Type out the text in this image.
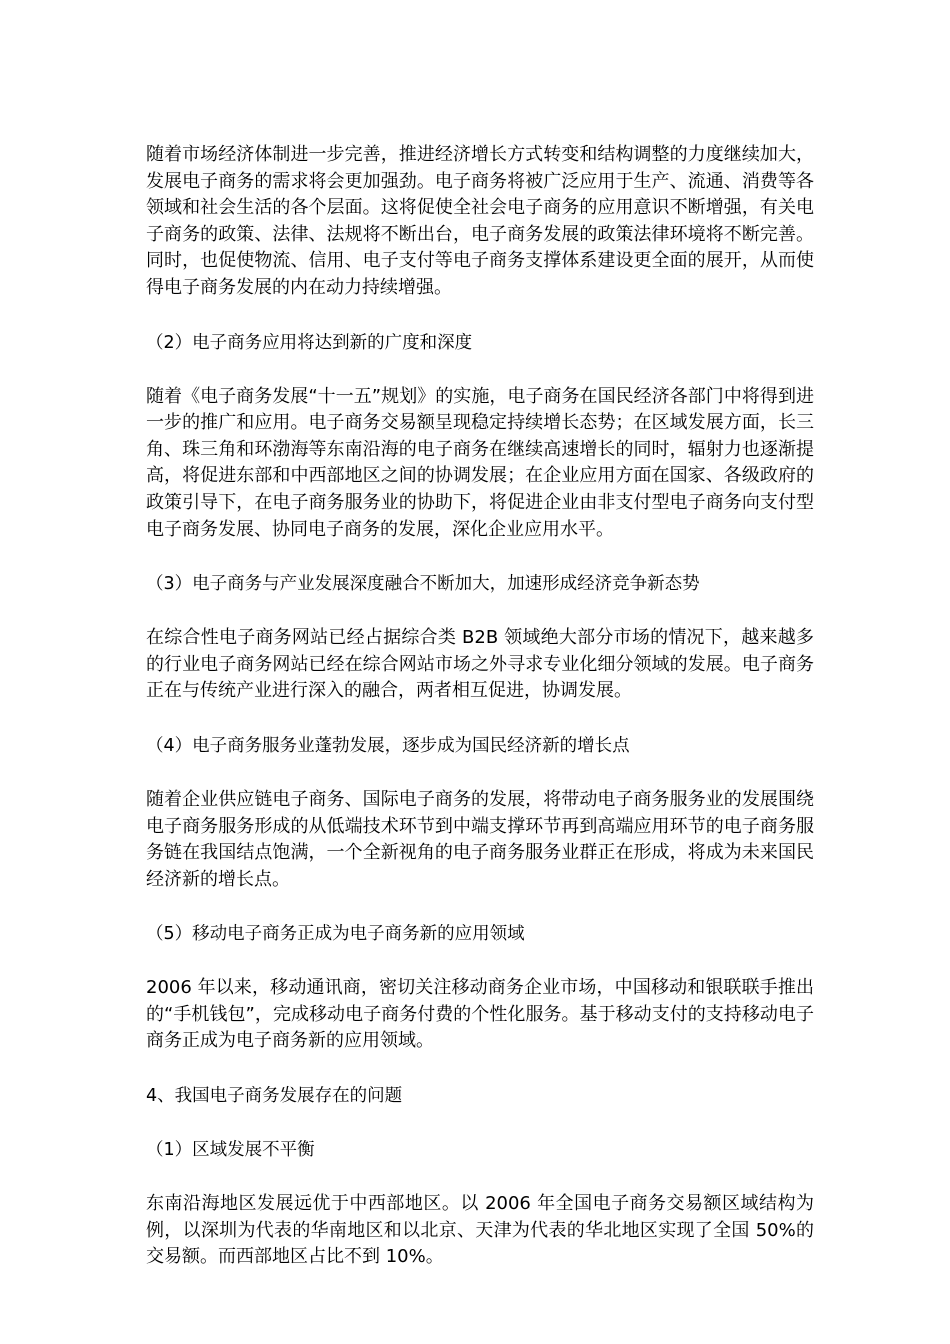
随着市场经济体制进一步完善，推进经济增长方式转变和结构调整的力度继续加大，发展电子商务的需求将会更加强劲。电子商务将被广泛应用于生产、流通、消费等各领域和社会生活的各个层面。这将促使全社会电子商务的应用意识不断增强，有关电子商务的政策、法律、法规将不断出台，电子商务发展的政策法律环境将不断完善。同时，也促使物流、信用、电子支付等电子商务支撑体系建设更全面的展开，从而使得电子商务发展的内在动力持续增强。

（2）电子商务应用将达到新的广度和深度

随着《电子商务发展“十一五”规划》的实施，电子商务在国民经济各部门中将得到进一步的推广和应用。电子商务交易额呈现稳定持续增长态势；在区域发展方面，长三角、珠三角和环渤海等东南沿海的电子商务在继续高速增长的同时，辐射力也逐渐提高，将促进东部和中西部地区之间的协调发展；在企业应用方面在国家、各级政府的政策引导下，在电子商务服务业的协助下，将促进企业由非支付型电子商务向支付型电子商务发展、协同电子商务的发展，深化企业应用水平。

（3）电子商务与产业发展深度融合不断加大，加速形成经济竞争新态势

在综合性电子商务网站已经占据综合类 B2B 领域绝大部分市场的情况下，越来越多的行业电子商务网站已经在综合网站市场之外寻求专业化细分领域的发展。电子商务正在与传统产业进行深入的融合，两者相互促进，协调发展。

（4）电子商务服务业蓬勃发展，逐步成为国民经济新的增长点

随着企业供应链电子商务、国际电子商务的发展，将带动电子商务服务业的发展围绕电子商务服务形成的从低端技术环节到中端支撑环节再到高端应用环节的电子商务服务链在我国结点饱满，一个全新视角的电子商务服务业群正在形成，将成为未来国民经济新的增长点。

（5）移动电子商务正成为电子商务新的应用领域

2006 年以来，移动通讯商，密切关注移动商务企业市场，中国移动和银联联手推出的“手机钱包”，完成移动电子商务付费的个性化服务。基于移动支付的支持移动电子商务正成为电子商务新的应用领域。

4、我国电子商务发展存在的问题

（1）区域发展不平衡

东南沿海地区发展远优于中西部地区。以 2006 年全国电子商务交易额区域结构为例，以深圳为代表的华南地区和以北京、天津为代表的华北地区实现了全国 50%的交易额。而西部地区占比不到 10%。
